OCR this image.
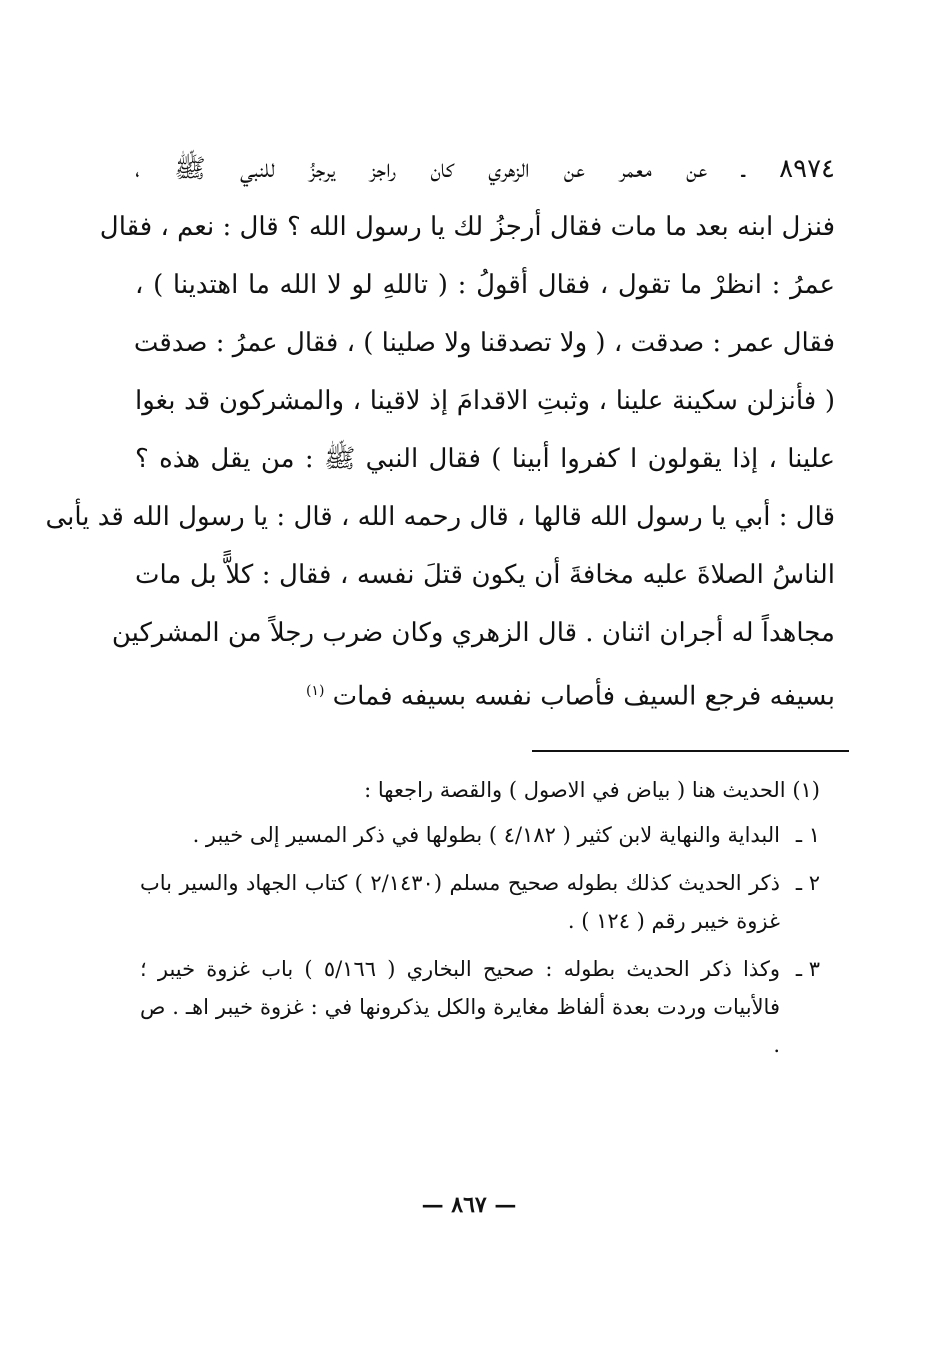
٨٩٧٤ ـ عن معمر عن الزهري كان راجز يرجزُ للنبي ﷺ ،
فنزل ابنه بعد ما مات فقال أرجزُ لك يا رسول الله ؟ قال : نعم ، فقال
عمرُ : انظرْ ما تقول ، فقال أقولُ : ( تاللهِ لو لا الله ما اهتدينا ) ،
فقال عمر : صدقت ، ( ولا تصدقنا ولا صلينا ) ، فقال عمرُ : صدقت
( فأنزلن سكينة علينا ، وثبتِ الاقدامَ إذ لاقينا ، والمشركون قد بغوا
علينا ، إذا يقولون ا كفروا أبينا ) فقال النبي ﷺ : من يقل هذه ؟
قال : أبي يا رسول الله قالها ، قال رحمه الله ، قال : يا رسول الله قد يأبى
الناسُ الصلاةَ عليه مخافةَ أن يكون قتلَ نفسه ، فقال : كلاًّ بل مات
مجاهداً له أجران اثنان . قال الزهري وكان ضرب رجلاً من المشركين
بسيفه فرجع السيف فأصاب نفسه بسيفه فمات $^{(١)}$
(١) الحديث هنا ( بياض في الاصول ) والقصة راجعها :
١ ـ
البداية والنهاية لابن كثير ( ٤/١٨٢ ) بطولها في ذكر المسير إلى خيبر .
٢ ـ
ذكر الحديث كذلك بطوله صحيح مسلم (٢/١٤٣٠ ) كتاب الجهاد والسير باب غزوة خيبر رقم ( ١٢٤ ) .
٣ ـ
وكذا ذكر الحديث بطوله : صحيح البخاري ( ٥/١٦٦ ) باب غزوة خيبر ؛ فالأبيات وردت بعدة ألفاظ مغايرة والكل يذكرونها في : غزوة خيبر اهـ . ص .
— ٨٦٧ —
